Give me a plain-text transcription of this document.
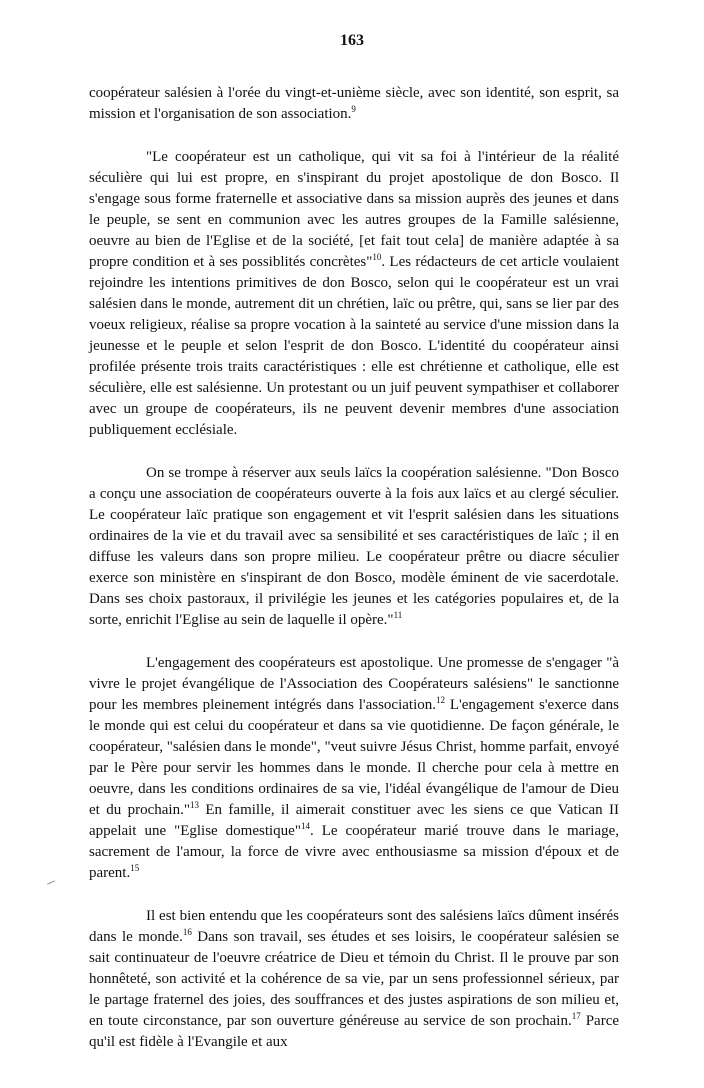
163

coopérateur salésien à l'orée du vingt-et-unième siècle, avec son identité, son esprit, sa mission et l'organisation de son association.$^9$

"Le coopérateur est un catholique, qui vit sa foi à l'intérieur de la réalité séculière qui lui est propre, en s'inspirant du projet apostolique de don Bosco. Il s'engage sous forme fraternelle et associative dans sa mission auprès des jeunes et dans le peuple, se sent en communion avec les autres groupes de la Famille salésienne, oeuvre au bien de l'Eglise et de la société, [et fait tout cela] de manière adaptée à sa propre condition et à ses possiblités concrètes"$^{10}$. Les rédacteurs de cet article voulaient rejoindre les intentions primitives de don Bosco, selon qui le coopérateur est un vrai salésien dans le monde, autrement dit un chrétien, laïc ou prêtre, qui, sans se lier par des voeux religieux, réalise sa propre vocation à la sainteté au service d'une mission dans la jeunesse et le peuple et selon l'esprit de don Bosco. L'identité du coopérateur ainsi profilée présente trois traits caractéristiques : elle est chrétienne et catholique, elle est séculière, elle est salésienne. Un protestant ou un juif peuvent sympathiser et collaborer avec un groupe de coopérateurs, ils ne peuvent devenir membres d'une association publiquement ecclésiale.

On se trompe à réserver aux seuls laïcs la coopération salésienne. "Don Bosco a conçu une association de coopérateurs ouverte à la fois aux laïcs et au clergé séculier. Le coopérateur laïc pratique son engagement et vit l'esprit salésien dans les situations ordinaires de la vie et du travail avec sa sensibilité et ses caractéristiques de laïc ; il en diffuse les valeurs dans son propre milieu. Le coopérateur prêtre ou diacre séculier exerce son ministère en s'inspirant de don Bosco, modèle éminent de vie sacerdotale. Dans ses choix pastoraux, il privilégie les jeunes et les catégories populaires et, de la sorte, enrichit l'Eglise au sein de laquelle il opère."$^{11}$

L'engagement des coopérateurs est apostolique. Une promesse de s'engager "à vivre le projet évangélique de l'Association des Coopérateurs salésiens" le sanctionne pour les membres pleinement intégrés dans l'association.$^{12}$ L'engagement s'exerce dans le monde qui est celui du coopérateur et dans sa vie quotidienne. De façon générale, le coopérateur, "salésien dans le monde", "veut suivre Jésus Christ, homme parfait, envoyé par le Père pour servir les hommes dans le monde. Il cherche pour cela à mettre en oeuvre, dans les conditions ordinaires de sa vie, l'idéal évangélique de l'amour de Dieu et du prochain."$^{13}$ En famille, il aimerait constituer avec les siens ce que Vatican II appelait une "Eglise domestique"$^{14}$. Le coopérateur marié trouve dans le mariage, sacrement de l'amour, la force de vivre avec enthousiasme sa mission d'époux et de parent.$^{15}$

Il est bien entendu que les coopérateurs sont des salésiens laïcs dûment insérés dans le monde.$^{16}$ Dans son travail, ses études et ses loisirs, le coopérateur salésien se sait continuateur de l'oeuvre créatrice de Dieu et témoin du Christ. Il le prouve par son honnêteté, son activité et la cohérence de sa vie, par un sens professionnel sérieux, par le partage fraternel des joies, des souffrances et des justes aspirations de son milieu et, en toute circonstance, par son ouverture généreuse au service de son prochain.$^{17}$ Parce qu'il est fidèle à l'Evangile et aux
